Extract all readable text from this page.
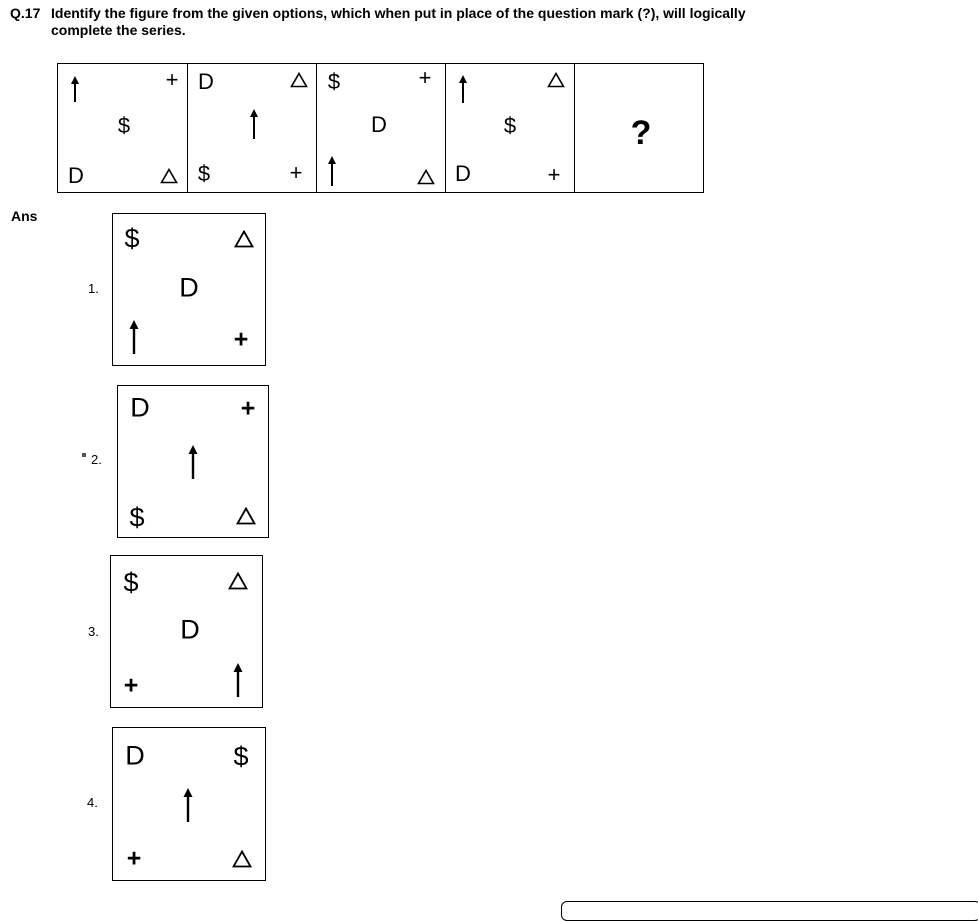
Q.17 Identify the figure from the given options, which when put in place of the question mark (?), will logically complete the series.
+
$
D
D
$	+
$	+
D	$
D	+
?
Ans
1.
$
D
+
2.
D	+
$
3.
$
D
+
4.
D	$
+
